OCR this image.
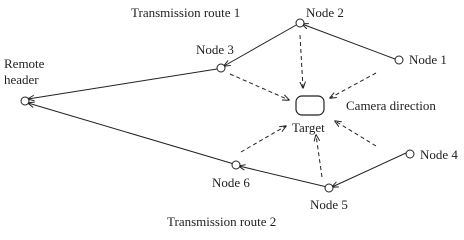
Transmission route 1
Transmission route 2
Remote header
Node 1
Node 2
Node 3
Node 4
Node 5
Node 6
Target
Camera direction
